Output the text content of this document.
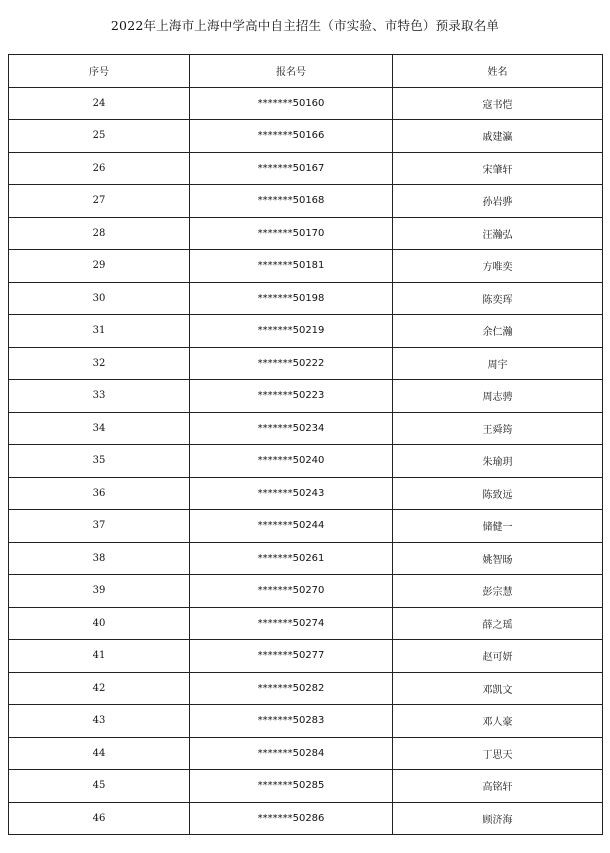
2022年上海市上海中学高中自主招生（市实验、市特色）预录取名单
序号	报名号	姓名
24	*******50160	寇书恺
25	*******50166	戚建瀛
26	*******50167	宋肇轩
27	*******50168	孙岩骅
28	*******50170	汪瀚弘
29	*******50181	方唯奕
30	*******50198	陈奕珲
31	*******50219	余仁瀚
32	*******50222	周宇
33	*******50223	周志骋
34	*******50234	王舜筠
35	*******50240	朱瑜玥
36	*******50243	陈致远
37	*******50244	储健一
38	*******50261	姚智旸
39	*******50270	彭宗慧
40	*******50274	薛之瑶
41	*******50277	赵可妍
42	*******50282	邓凯文
43	*******50283	邓人豪
44	*******50284	丁思天
45	*******50285	高铭轩
46	*******50286	顾济海
